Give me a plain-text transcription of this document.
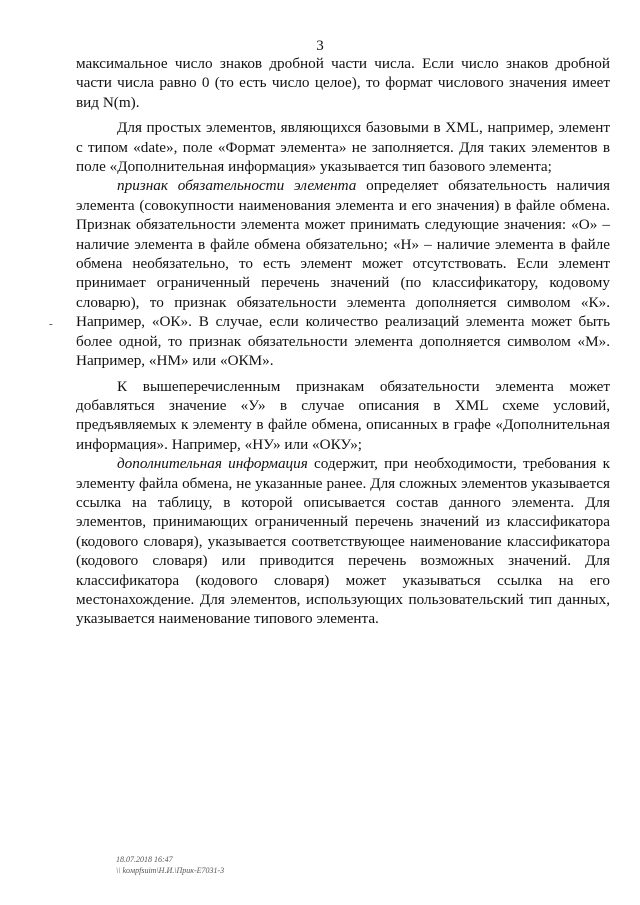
3
-

максимальное число знаков дробной части числа. Если число знаков дробной части числа равно 0 (то есть число целое), то формат числового значения имеет вид N(m).

Для простых элементов, являющихся базовыми в XML, например, элемент с типом «date», поле «Формат элемента» не заполняется. Для таких элементов в поле «Дополнительная информация» указывается тип базового элемента;

признак обязательности элемента определяет обязательность наличия элемента (совокупности наименования элемента и его значения) в файле обмена. Признак обязательности элемента может принимать следующие значения: «О» – наличие элемента в файле обмена обязательно; «Н» – наличие элемента в файле обмена необязательно, то есть элемент может отсутствовать. Если элемент принимает ограниченный перечень значений (по классификатору, кодовому словарю), то признак обязательности элемента дополняется символом «К». Например, «ОК». В случае, если количество реализаций элемента может быть более одной, то признак обязательности элемента дополняется символом «М». Например, «НМ» или «ОКМ».

К вышеперечисленным признакам обязательности элемента может добавляться значение «У» в случае описания в XML схеме условий, предъявляемых к элементу в файле обмена, описанных в графе «Дополнительная информация». Например, «НУ» или «ОКУ»;

дополнительная информация содержит, при необходимости, требования к элементу файла обмена, не указанные ранее. Для сложных элементов указывается ссылка на таблицу, в которой описывается состав данного элемента. Для элементов, принимающих ограниченный перечень значений из классификатора (кодового словаря), указывается соответствующее наименование классификатора (кодового словаря) или приводится перечень возможных значений. Для классификатора (кодового словаря) может указываться ссылка на его местонахождение. Для элементов, использующих пользовательский тип данных, указывается наименование типового элемента.

18.07.2018 16:47
\\ koмpfsuiт\Н.И.\Пpuк-E7031-3
